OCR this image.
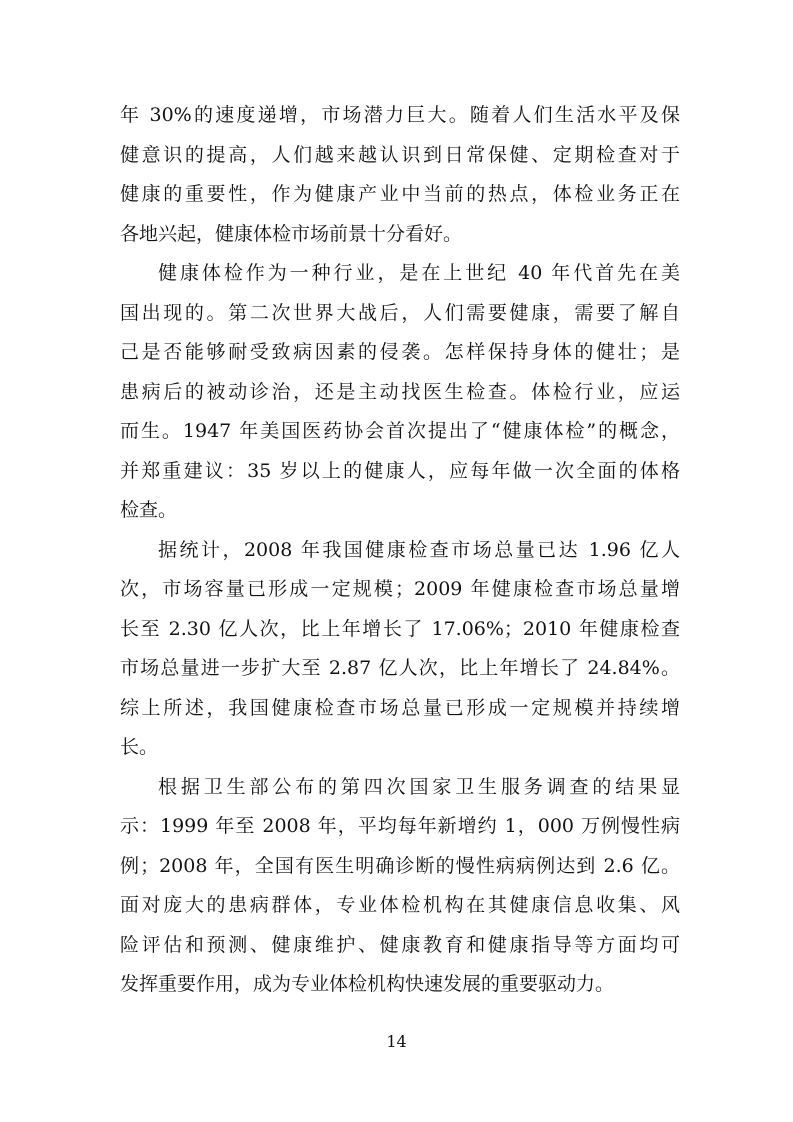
年 30%的速度递增，市场潜力巨大。随着人们生活水平及保
健意识的提高，人们越来越认识到日常保健、定期检查对于
健康的重要性，作为健康产业中当前的热点，体检业务正在
各地兴起，健康体检市场前景十分看好。
健康体检作为一种行业，是在上世纪 40 年代首先在美
国出现的。第二次世界大战后，人们需要健康，需要了解自
己是否能够耐受致病因素的侵袭。怎样保持身体的健壮；是
患病后的被动诊治，还是主动找医生检查。体检行业，应运
而生。1947 年美国医药协会首次提出了“健康体检”的概念，
并郑重建议：35 岁以上的健康人，应每年做一次全面的体格
检查。
据统计，2008 年我国健康检查市场总量已达 1.96 亿人
次，市场容量已形成一定规模；2009 年健康检查市场总量增
长至 2.30 亿人次，比上年增长了 17.06%；2010 年健康检查
市场总量进一步扩大至 2.87 亿人次，比上年增长了 24.84%。
综上所述，我国健康检查市场总量已形成一定规模并持续增
长。
根据卫生部公布的第四次国家卫生服务调查的结果显
示：1999 年至 2008 年，平均每年新增约 1，000 万例慢性病
例；2008 年，全国有医生明确诊断的慢性病病例达到 2.6 亿。
面对庞大的患病群体，专业体检机构在其健康信息收集、风
险评估和预测、健康维护、健康教育和健康指导等方面均可
发挥重要作用，成为专业体检机构快速发展的重要驱动力。
14
